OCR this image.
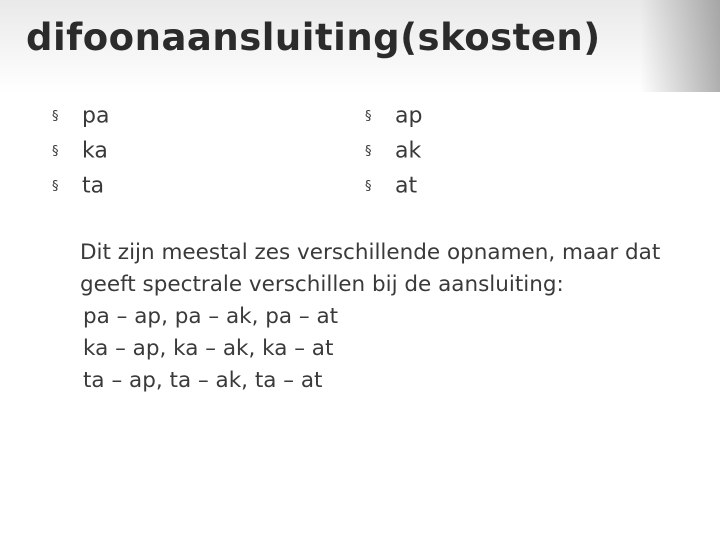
difoonaansluiting(skosten)
§ pa
§ ka
§ ta
§ ap
§ ak
§ at
Dit zijn meestal zes verschillende opnamen, maar dat
geeft spectrale verschillen bij de aansluiting:
pa – ap, pa – ak, pa – at
ka – ap, ka – ak, ka – at
ta – ap, ta – ak, ta – at
